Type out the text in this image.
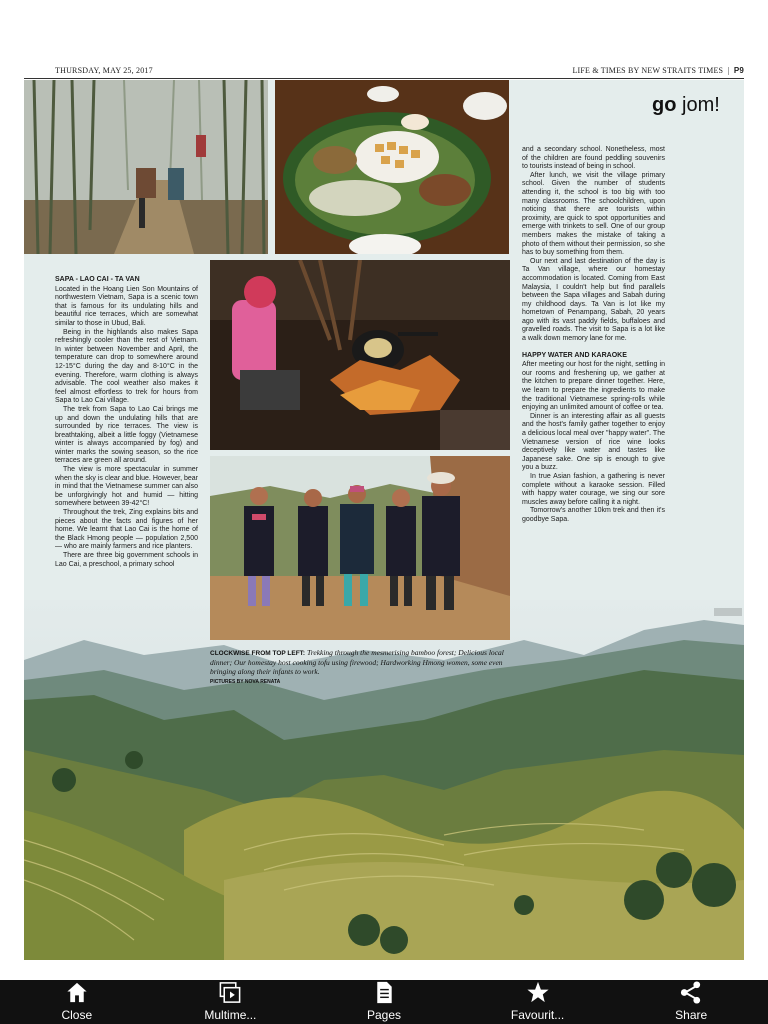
THURSDAY, MAY 25, 2017	LIFE & TIMES BY NEW STRAITS TIMES  |  P9
go jom!
SAPA - LAO CAI - TA VAN

Located in the Hoang Lien Son Mountains of northwestern Vietnam, Sapa is a scenic town that is famous for its undulating hills and beautiful rice terraces, which are somewhat similar to those in Ubud, Bali.

Being in the highlands also makes Sapa refreshingly cooler than the rest of Vietnam. In winter between November and April, the temperature can drop to somewhere around 12-15°C during the day and 8-10°C in the evening. Therefore, warm clothing is always advisable. The cool weather also makes it feel almost effortless to trek for hours from Sapa to Lao Cai village.

The trek from Sapa to Lao Cai brings me up and down the undulating hills that are surrounded by rice terraces. The view is breathtaking, albeit a little foggy (Vietnamese winter is always accompanied by fog) and winter marks the sowing season, so the rice terraces are green all around.

The view is more spectacular in summer when the sky is clear and blue. However, bear in mind that the Vietnamese summer can also be unforgivingly hot and humid — hitting somewhere between 39-42°C!

Throughout the trek, Zing explains bits and pieces about the facts and figures of her home. We learnt that Lao Cai is the home of the Black Hmong people — population 2,500 — who are mainly farmers and rice planters.

There are three big government schools in Lao Cai, a preschool, a primary school

and a secondary school. Nonetheless, most of the children are found peddling souvenirs to tourists instead of being in school.

After lunch, we visit the village primary school. Given the number of students attending it, the school is too big with too many classrooms. The schoolchildren, upon noticing that there are tourists within proximity, are quick to spot opportunities and emerge with trinkets to sell. One of our group members makes the mistake of taking a photo of them without their permission, so she has to buy something from them.

Our next and last destination of the day is Ta Van village, where our homestay accommodation is located. Coming from East Malaysia, I couldn't help but find parallels between the Sapa villages and Sabah during my childhood days. Ta Van is lot like my hometown of Penampang, Sabah, 20 years ago with its vast paddy fields, buffaloes and gravelled roads. The visit to Sapa is a lot like a walk down memory lane for me.

HAPPY WATER AND KARAOKE

After meeting our host for the night, settling in our rooms and freshening up, we gather at the kitchen to prepare dinner together. Here, we learn to prepare the ingredients to make the traditional Vietnamese spring-rolls while enjoying an unlimited amount of coffee or tea.

Dinner is an interesting affair as all guests and the host's family gather together to enjoy a delicious local meal over "happy water". The Vietnamese version of rice wine looks deceptively like water and tastes like Japanese sake. One sip is enough to give you a buzz.

In true Asian fashion, a gathering is never complete without a karaoke session. Filled with happy water courage, we sing our sore muscles away before calling it a night.

Tomorrow's another 10km trek and then it's goodbye Sapa.

CLOCKWISE FROM TOP LEFT: Trekking through the mesmerising bamboo forest; Delicious local dinner; Our homestay host cooking tofu using firewood; Hardworking Hmong women, some even bringing along their infants to work.
PICTURES BY NOVA RENATA
Close	Multime...	Pages	Favourit...	Share
